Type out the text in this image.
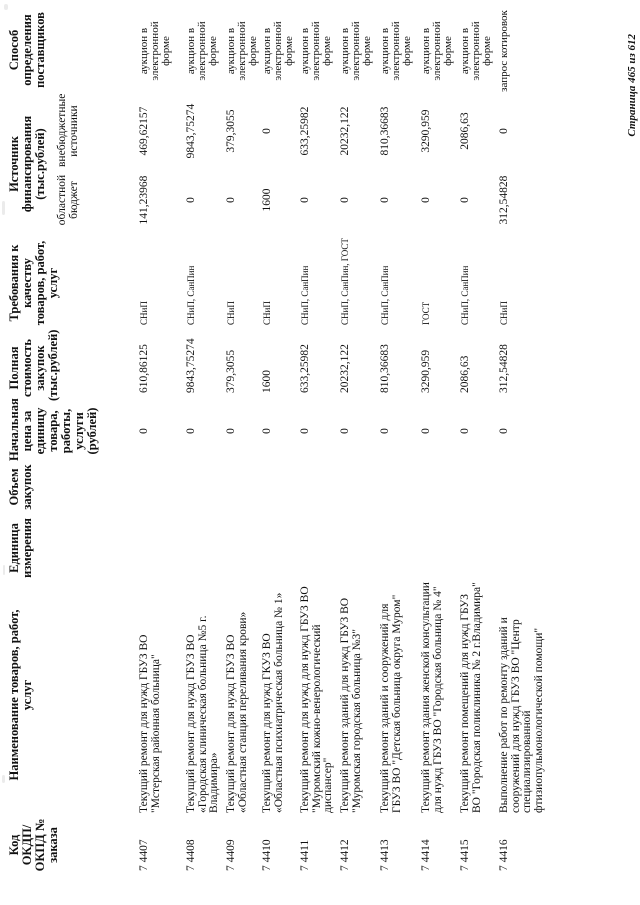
Код ОКДП/ ОКПД № заказа
Наименование товаров, работ, услуг
Единица измерения
Объем закупок
Начальная цена за единицу товара, работы, услуги (рублей)
Полная стоимость закупок (тыс.рублей)
Требования к качеству товаров, работ, услуг
Источник финансирования (тыс.рублей)
областной бюджет
внебюджетные источники
Способ определения поставщиков
7 4407
Текущий ремонт для нужд ГБУЗ ВО "Мстерская районная больница"
0
610,86125
СНиП
141,23968
469,62157
аукцион в электронной форме
7 4408
Текущий ремонт для нужд ГБУЗ ВО «Городская клиническая больница №5 г. Владимира»
0
9843,75274
СНиП, СанПин
0
9843,75274
аукцион в электронной форме
7 4409
Текущий ремонт для нужд ГБУЗ ВО «Областная станция переливания крови»
0
379,3055
СНиП
0
379,3055
аукцион в электронной форме
7 4410
Текущий ремонт для нужд ГКУЗ ВО «Областная психиатрическая больница № 1»
0
1600
СНиП
1600
0
аукцион в электронной форме
7 4411
Текущий ремонт для нужд для нужд ГБУЗ ВО "Муромский кожно-венерологический диспансер"
0
633,25982
СНиП, СанПин
0
633,25982
аукцион в электронной форме
7 4412
Текущий ремонт зданий для нужд ГБУЗ ВО "Муромская городская больница №3"
0
20232,122
СНиП, СанПин, ГОСТ
0
20232,122
аукцион в электронной форме
7 4413
Текущий ремонт зданий и сооружений для ГБУЗ ВО "Детская больница округа Муром"
0
810,36683
СНиП, СанПин
0
810,36683
аукцион в электронной форме
7 4414
Текущий ремонт здания женской консультации для нужд ГБУЗ ВО "Городская больница № 4"
0
3290,959
ГОСТ
0
3290,959
аукцион в электронной форме
7 4415
Текущий ремонт помещений для нужд ГБУЗ ВО "Городская поликлиника № 2 г.Владимира"
0
2086,63
СНиП, СанПин
0
2086,63
аукцион в электронной форме
7 4416
Выполнение работ по ремонту зданий и сооружений для нужд ГБУЗ ВО "Центр специализированной фтизиопульмонологической помощи"
0
312,54828
СНиП
312,54828
0
запрос котировок	Страница 465 из 612
